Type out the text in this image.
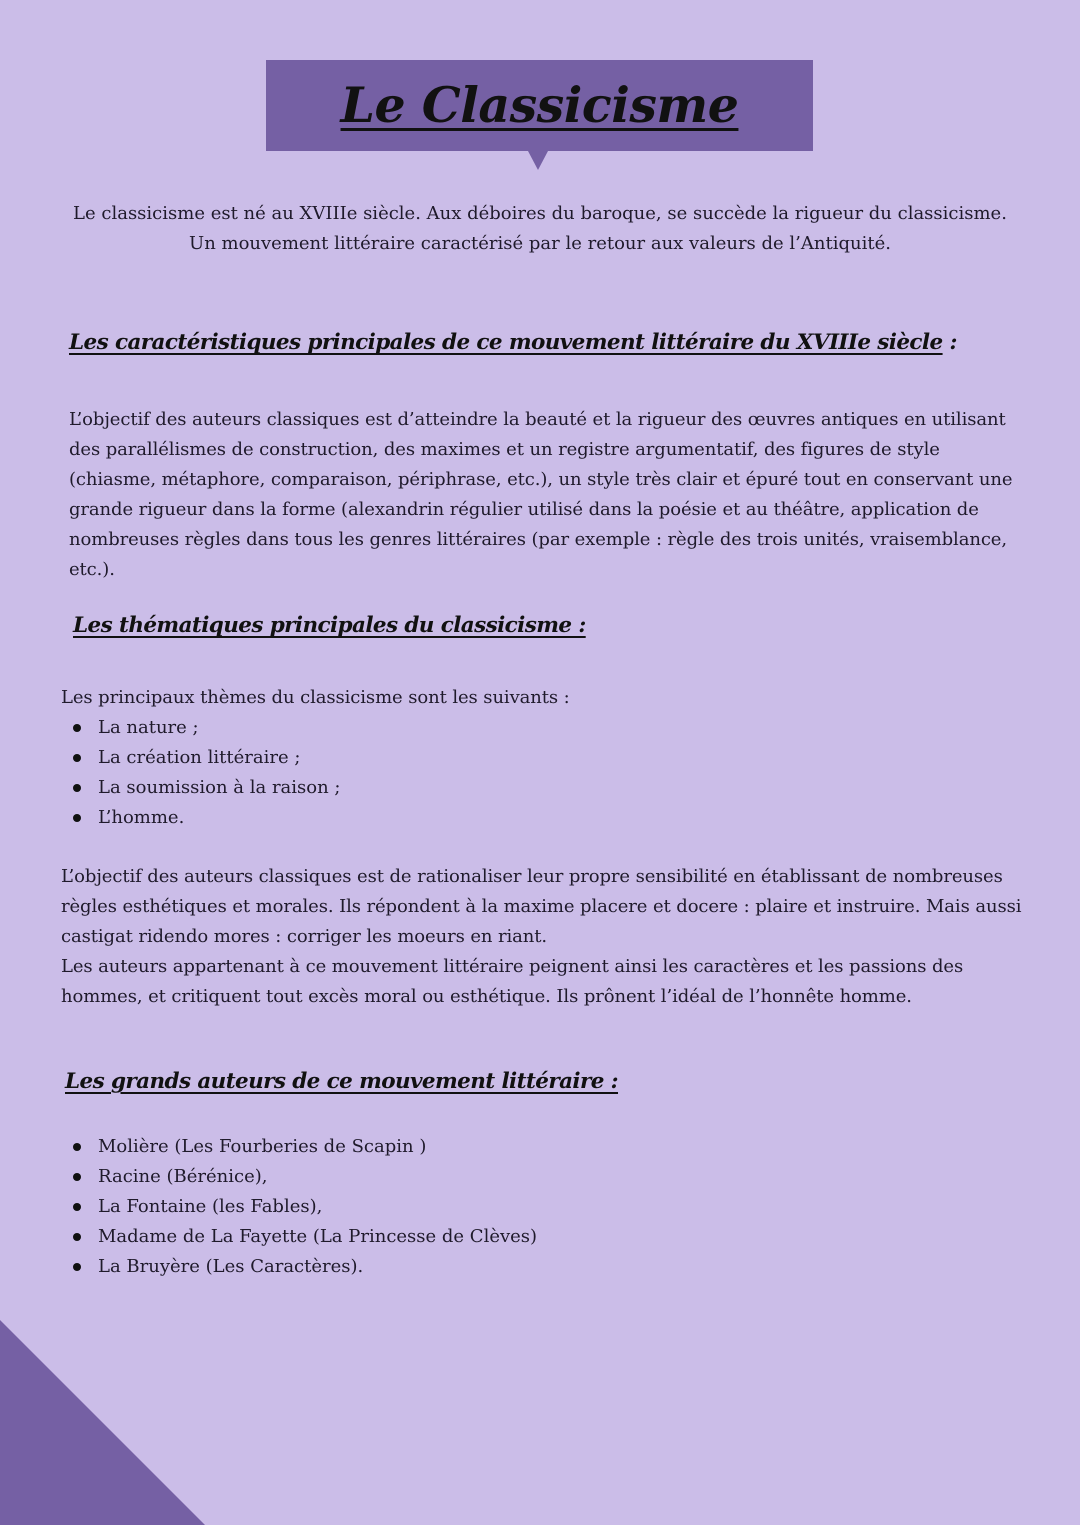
Le Classicisme

Le classicisme est né au XVIIIe siècle. Aux déboires du baroque, se succède la rigueur du classicisme. Un mouvement littéraire caractérisé par le retour aux valeurs de l’Antiquité.

Les caractéristiques principales de ce mouvement littéraire du XVIIIe siècle :

L’objectif des auteurs classiques est d’atteindre la beauté et la rigueur des œuvres antiques en utilisant des parallélismes de construction, des maximes et un registre argumentatif, des figures de style (chiasme, métaphore, comparaison, périphrase, etc.), un style très clair et épuré tout en conservant une grande rigueur dans la forme (alexandrin régulier utilisé dans la poésie et au théâtre, application de nombreuses règles dans tous les genres littéraires (par exemple : règle des trois unités, vraisemblance, etc.).

Les thématiques principales du classicisme :

Les principaux thèmes du classicisme sont les suivants :

La nature ;
La création littéraire ;
La soumission à la raison ;
L’homme.

L’objectif des auteurs classiques est de rationaliser leur propre sensibilité en établissant de nombreuses règles esthétiques et morales. Ils répondent à la maxime placere et docere : plaire et instruire. Mais aussi castigat ridendo mores : corriger les moeurs en riant.

Les auteurs appartenant à ce mouvement littéraire peignent ainsi les caractères et les passions des hommes, et critiquent tout excès moral ou esthétique. Ils prônent l’idéal de l’honnête homme.

Les grands auteurs de ce mouvement littéraire :
Molière (Les Fourberies de Scapin )
Racine (Bérénice),
La Fontaine (les Fables),
Madame de La Fayette (La Princesse de Clèves)
La Bruyère (Les Caractères).
